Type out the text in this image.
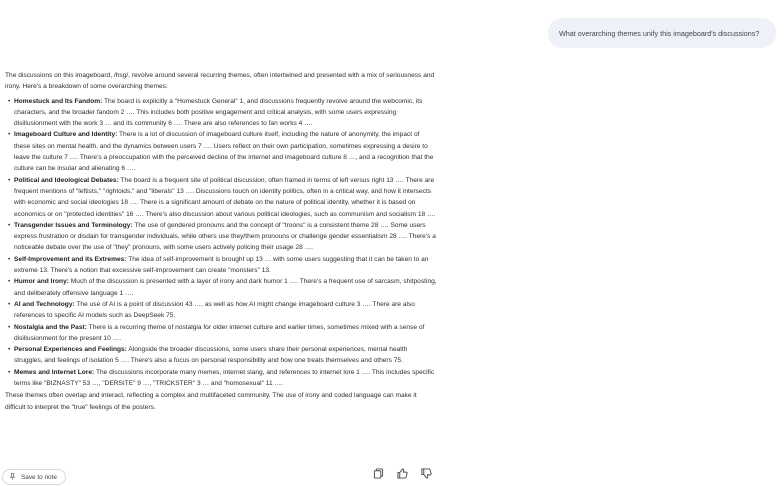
What overarching themes unify this imageboard's discussions?

The discussions on this imageboard, /hsg/, revolve around several recurring themes, often intertwined and presented with a mix of seriousness and irony. Here's a breakdown of some overarching themes:

• Homestuck and Its Fandom: The board is explicitly a "Homestuck General" 1, and discussions frequently revolve around the webcomic, its characters, and the broader fandom 2 …. This includes both positive engagement and critical analysis, with some users expressing disillusionment with the work 3 … and its community 6 …. There are also references to fan works 4 ….
• Imageboard Culture and Identity: There is a lot of discussion of imageboard culture itself, including the nature of anonymity, the impact of these sites on mental health, and the dynamics between users 7 …. Users reflect on their own participation, sometimes expressing a desire to leave the culture 7 …. There's a preoccupation with the perceived decline of the internet and imageboard culture 8 …, and a recognition that the culture can be insular and alienating 6 ….
• Political and Ideological Debates: The board is a frequent site of political discussion, often framed in terms of left versus right 13 …. There are frequent mentions of "leftists," "rightoids," and "liberals" 13 …. Discussions touch on identity politics, often in a critical way, and how it intersects with economic and social ideologies 18 …. There is a significant amount of debate on the nature of political identity, whether it is based on economics or on "protected identities" 16 …. There's also discussion about various political ideologies, such as communism and socialism 18 ….
• Transgender Issues and Terminology: The use of gendered pronouns and the concept of "troons" is a consistent theme 28 …. Some users express frustration or disdain for transgender individuals, while others use they/them pronouns or challenge gender essentialism 28 …. There's a noticeable debate over the use of "they" pronouns, with some users actively policing their usage 28 ….
• Self-Improvement and its Extremes: The idea of self-improvement is brought up 13 … with some users suggesting that it can be taken to an extreme 13. There's a notion that excessive self-improvement can create "monsters" 13.
• Humor and Irony: Much of the discussion is presented with a layer of irony and dark humor 1 …. There's a frequent use of sarcasm, shitposting, and deliberately offensive language 1 ….
• AI and Technology: The use of AI is a point of discussion 43 …, as well as how AI might change imageboard culture 3 …. There are also references to specific AI models such as DeepSeek 75.
• Nostalgia and the Past: There is a recurring theme of nostalgia for older internet culture and earlier times, sometimes mixed with a sense of disillusionment for the present 10 ….
• Personal Experiences and Feelings: Alongside the broader discussions, some users share their personal experiences, mental health struggles, and feelings of isolation 5 …. There's also a focus on personal responsibility and how one treats themselves and others 75.
• Memes and Internet Lore: The discussions incorporate many memes, internet slang, and references to internet lore 1 …. This includes specific terms like "BIZNASTY" 53 …, "DERSITE" 9 …, "TRICKSTER" 3 … and "homosexual" 11 ….

These themes often overlap and interact, reflecting a complex and multifaceted community. The use of irony and coded language can make it difficult to interpret the "true" feelings of the posters.

Save to note
